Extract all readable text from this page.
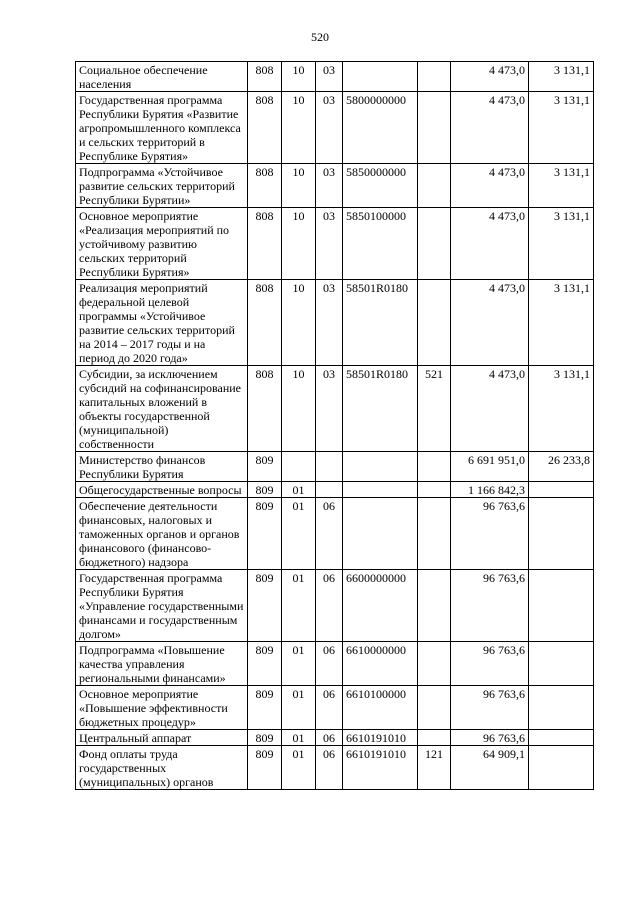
520
Социальное обеспечение населения	808	10	03			4 473,0	3 131,1
Государственная программа Республики Бурятия «Развитие агропромышленного комплекса и сельских территорий в Республике Бурятия»	808	10	03	5800000000		4 473,0	3 131,1
Подпрограмма «Устойчивое развитие сельских территорий Республики Бурятии»	808	10	03	5850000000		4 473,0	3 131,1
Основное мероприятие «Реализация мероприятий по устойчивому развитию сельских территорий Республики Бурятия»	808	10	03	5850100000		4 473,0	3 131,1
Реализация мероприятий федеральной целевой программы «Устойчивое развитие сельских территорий на 2014 – 2017 годы и на период до 2020 года»	808	10	03	58501R0180		4 473,0	3 131,1
Субсидии, за исключением субсидий на софинансирование капитальных вложений в объекты государственной (муниципальной) собственности	808	10	03	58501R0180	521	4 473,0	3 131,1
Министерство финансов Республики Бурятия	809					6 691 951,0	26 233,8
Общегосударственные вопросы	809	01				1 166 842,3	
Обеспечение деятельности финансовых, налоговых и таможенных органов и органов финансового (финансово-бюджетного) надзора	809	01	06			96 763,6	
Государственная программа Республики Бурятия «Управление государственными финансами и государственным долгом»	809	01	06	6600000000		96 763,6	
Подпрограмма «Повышение качества управления региональными финансами»	809	01	06	6610000000		96 763,6	
Основное мероприятие «Повышение эффективности бюджетных процедур»	809	01	06	6610100000		96 763,6	
Центральный аппарат	809	01	06	6610191010		96 763,6	
Фонд оплаты труда государственных (муниципальных) органов	809	01	06	6610191010	121	64 909,1	
